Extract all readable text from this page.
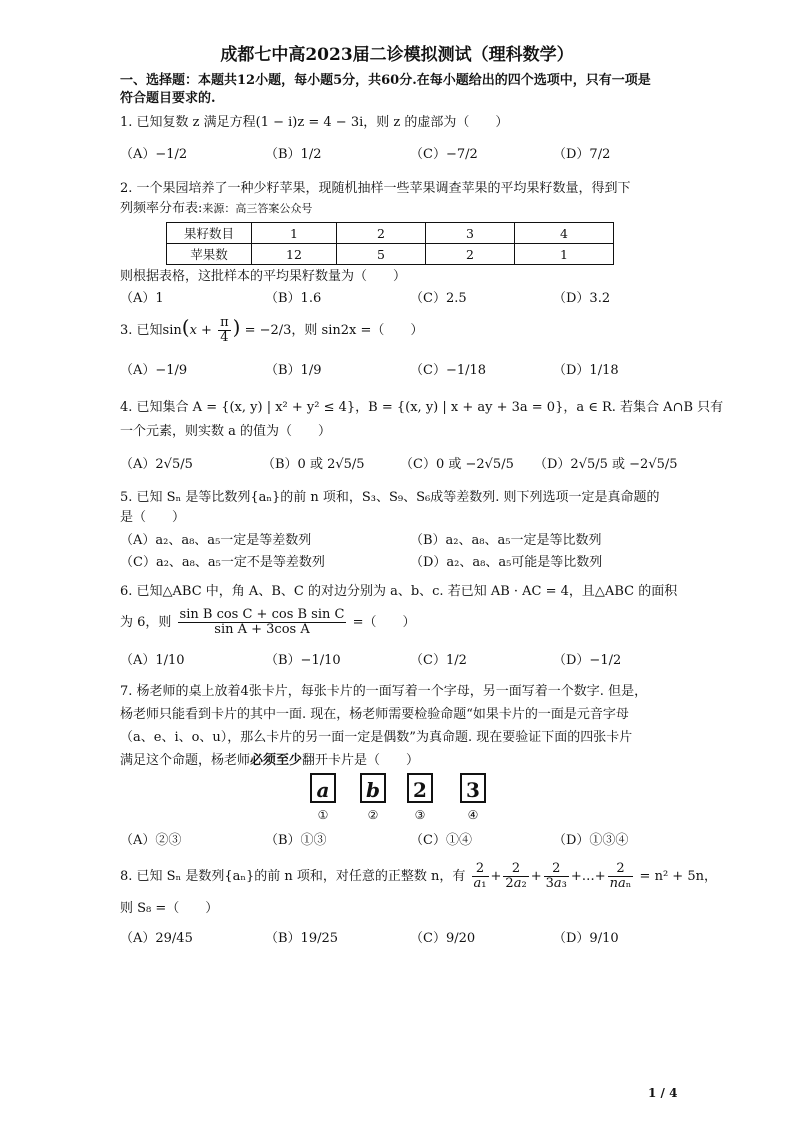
成都七中高2023届二诊模拟测试（理科数学）
一、选择题：本题共12小题，每小题5分，共60分.在每小题给出的四个选项中，只有一项是
符合题目要求的.
1. 已知复数 z 满足方程(1 − i)z = 4 − 3i，则 z 的虚部为（　　）
（A）−1/2	（B）1/2	（C）−7/2	（D）7/2
2. 一个果园培养了一种少籽苹果，现随机抽样一些苹果调查苹果的平均果籽数量，得到下
列频率分布表:来源：高三答案公众号
果籽数目	1	2	3	4
苹果数	12	5	2	1
则根据表格，这批样本的平均果籽数量为（　　）
（A）1	（B）1.6	（C）2.5	（D）3.2
3. 已知$\sin(x + \frac{\pi}{4}$ ) = −2/3，则 sin2x =（　　）
（A）−1/9	（B）1/9	（C）−1/18	（D）1/18
4. 已知集合 A = {(x, y) | x² + y² ≤ 4}，B = {(x, y) | x + ay + 3a = 0}，a ∈ R. 若集合 A∩B 只有
一个元素，则实数 a 的值为（　　）
（A）2√5/5	（B）0 或 2√5/5	（C）0 或 −2√5/5 （D）2√5/5 或 −2√5/5
5. 已知 Sₙ 是等比数列{aₙ}的前 n 项和，S₃、S₉、S₆成等差数列. 则下列选项一定是真命题的
是（　　）
（A）a₂、a₈、a₅一定是等差数列	（B）a₂、a₈、a₅一定是等比数列
（C）a₂、a₈、a₅一定不是等差数列	（D）a₂、a₈、a₅可能是等比数列
6. 已知△ABC 中，角 A、B、C 的对边分别为 a、b、c. 若已知 AB · AC = 4，且△ABC 的面积
为 6，则 $\frac{\text{sin B cos C + cos B sin C}}{\text{sin A + 3cos A}}$ =（　　）
（A）1/10	（B）−1/10	（C）1/2	（D）−1/2
7. 杨老师的桌上放着4张卡片，每张卡片的一面写着一个字母，另一面写着一个数字. 但是，
杨老师只能看到卡片的其中一面. 现在，杨老师需要检验命题“如果卡片的一面是元音字母
（a、e、i、o、u），那么卡片的另一面一定是偶数”为真命题. 现在要验证下面的四张卡片
满足这个命题，杨老师必须至少翻开卡片是（　　）
a	b	2	3
①	②	③	④
（A）②③	（B）①③	（C）①④	（D）①③④
8. 已知 Sₙ 是数列{aₙ}的前 n 项和，对任意的正整数 n，有 $\frac{2}{\text{a₁}} + \frac{2}{\text{2a₂}} + \frac{2}{\text{3a₃}}$ +…+ $\frac{2}{\text{naₙ}} = n^2 + 5n$，
则 S₈ =（　　）
（A）29/45	（B）19/25	（C）9/20	（D）9/10
1 / 4
